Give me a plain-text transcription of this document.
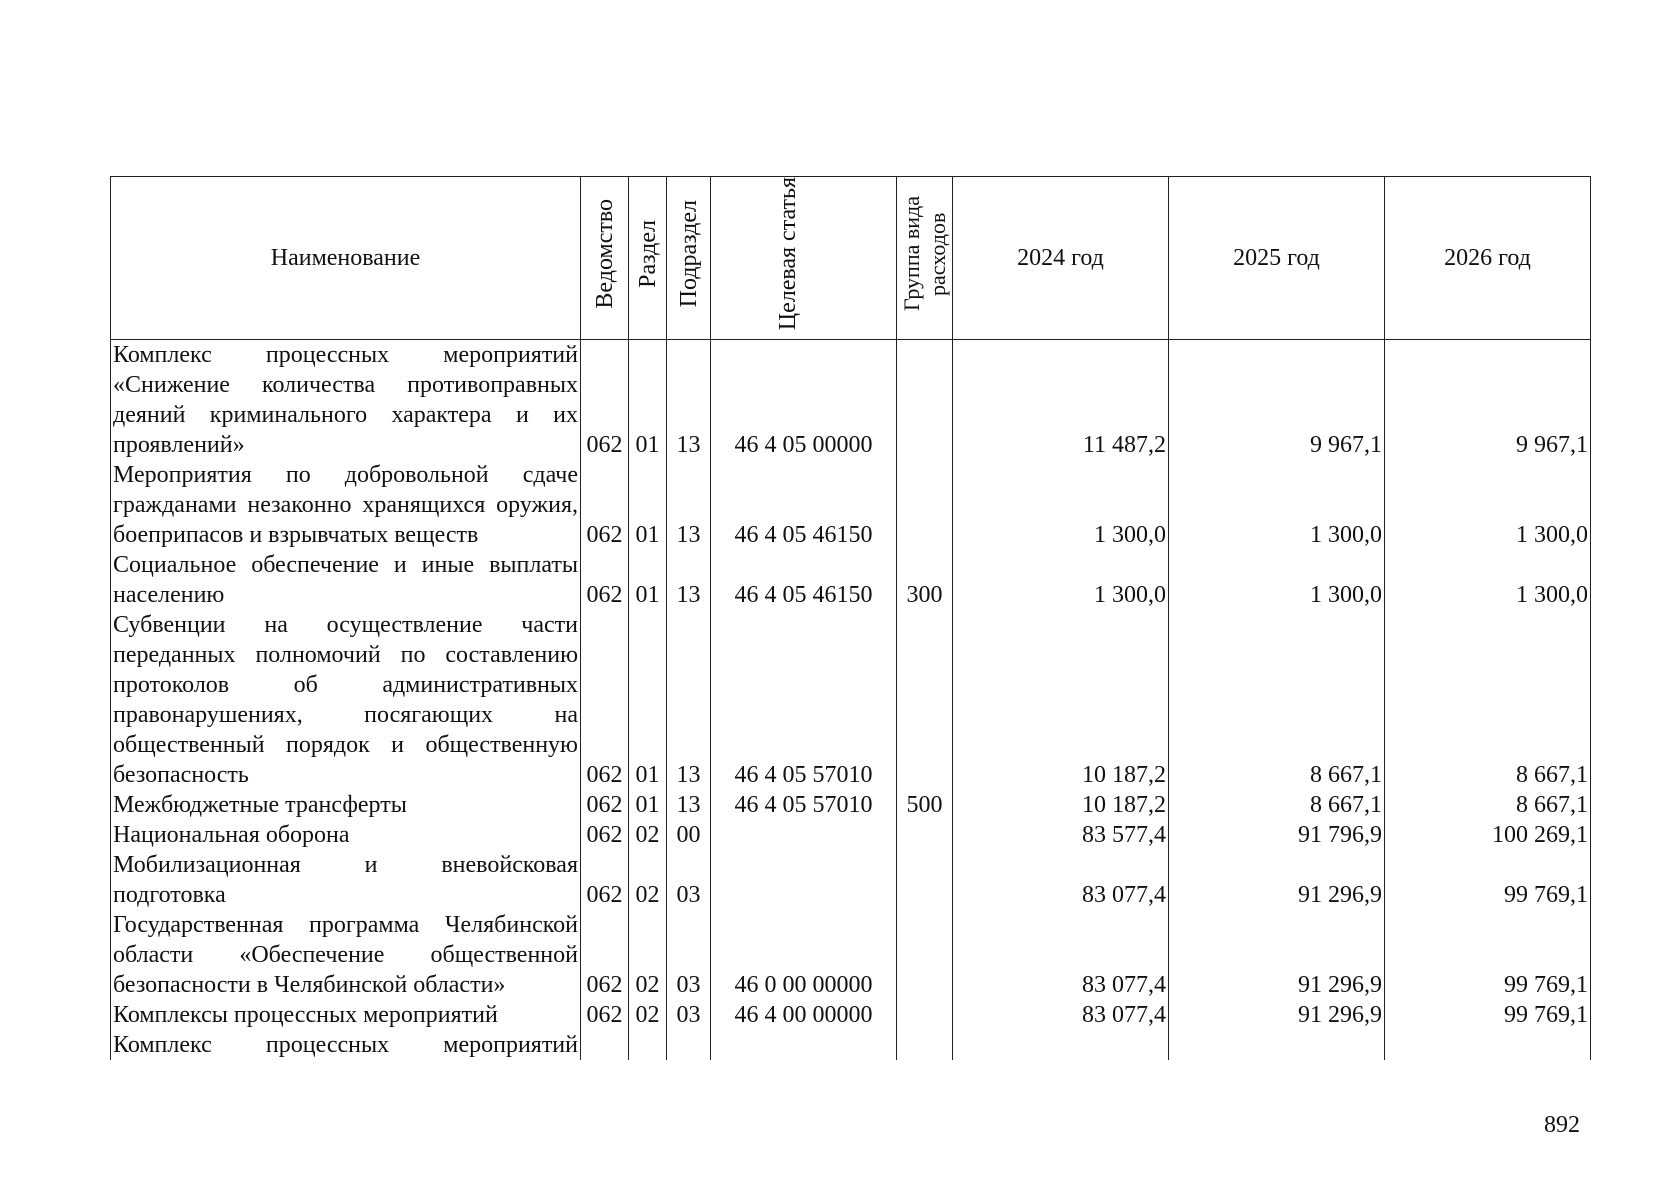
Наименование	Ведомство	Раздел	Подраздел	Целевая статья	Группа вида расходов	2024 год	2025 год	2026 год
Комплекс процессных мероприятий «Снижение количества противоправных деяний криминального характера и их проявлений»	062	01	13	46 4 05 00000		11 487,2	9 967,1	9 967,1
Мероприятия по добровольной сдаче гражданами незаконно хранящихся оружия, боеприпасов и взрывчатых веществ	062	01	13	46 4 05 46150		1 300,0	1 300,0	1 300,0
Социальное обеспечение и иные выплаты населению	062	01	13	46 4 05 46150	300	1 300,0	1 300,0	1 300,0
Субвенции на осуществление части переданных полномочий по составлению протоколов об административных правонарушениях, посягающих на общественный порядок и общественную безопасность	062	01	13	46 4 05 57010		10 187,2	8 667,1	8 667,1
Межбюджетные трансферты	062	01	13	46 4 05 57010	500	10 187,2	8 667,1	8 667,1
Национальная оборона	062	02	00			83 577,4	91 796,9	100 269,1
Мобилизационная и вневойсковая подготовка	062	02	03			83 077,4	91 296,9	99 769,1
Государственная программа Челябинской области «Обеспечение общественной безопасности в Челябинской области»	062	02	03	46 0 00 00000		83 077,4	91 296,9	99 769,1
Комплексы процессных мероприятий	062	02	03	46 4 00 00000		83 077,4	91 296,9	99 769,1
Комплекс процессных мероприятий								
892
